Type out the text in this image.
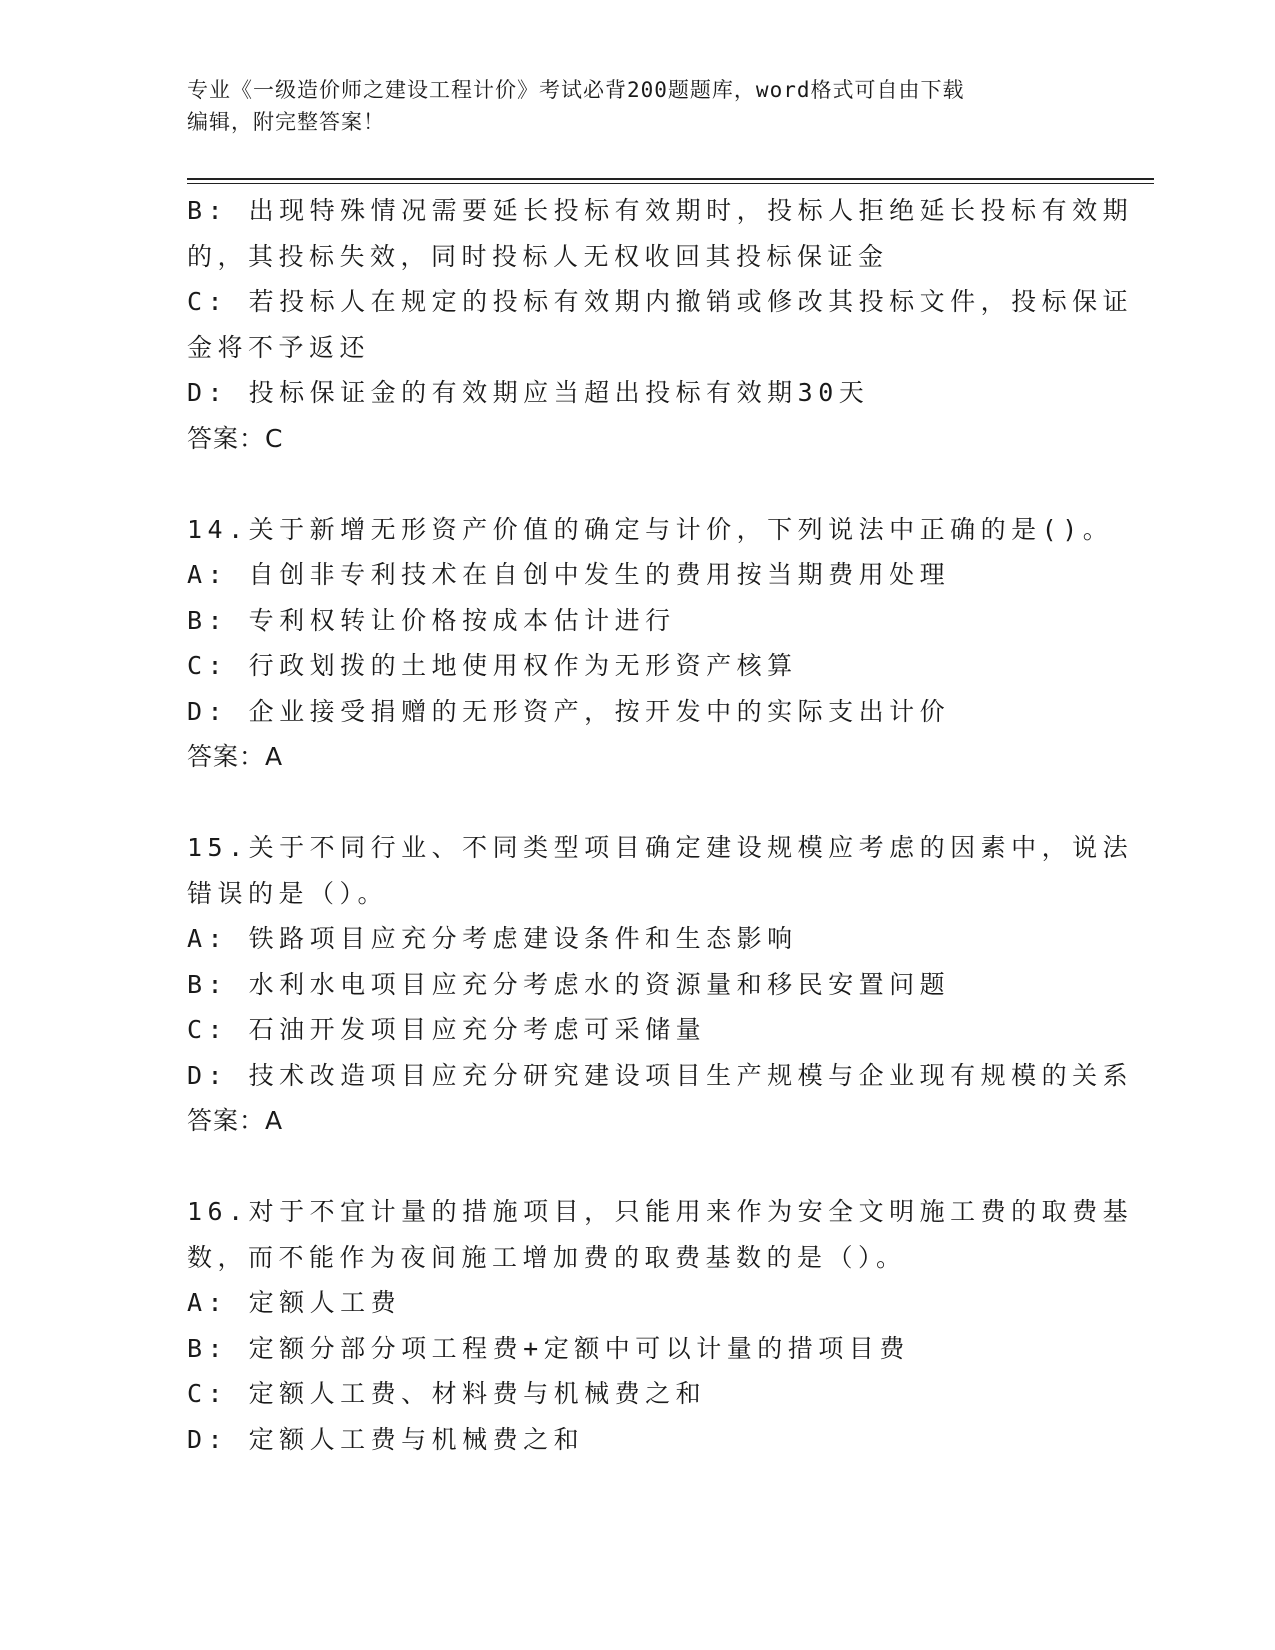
专业《一级造价师之建设工程计价》考试必背200题题库，word格式可自由下载
编辑，附完整答案！

B: 出现特殊情况需要延长投标有效期时，投标人拒绝延长投标有效期

的，其投标失效，同时投标人无权收回其投标保证金

C: 若投标人在规定的投标有效期内撤销或修改其投标文件，投标保证

金将不予返还

D: 投标保证金的有效期应当超出投标有效期30天

答案：C

14.关于新增无形资产价值的确定与计价，下列说法中正确的是()。

A: 自创非专利技术在自创中发生的费用按当期费用处理

B: 专利权转让价格按成本估计进行

C: 行政划拨的土地使用权作为无形资产核算

D: 企业接受捐赠的无形资产，按开发中的实际支出计价

答案：A

15.关于不同行业、不同类型项目确定建设规模应考虑的因素中，说法

错误的是（）。

A: 铁路项目应充分考虑建设条件和生态影响

B: 水利水电项目应充分考虑水的资源量和移民安置问题

C: 石油开发项目应充分考虑可采储量

D: 技术改造项目应充分研究建设项目生产规模与企业现有规模的关系

答案：A

16.对于不宜计量的措施项目，只能用来作为安全文明施工费的取费基

数，而不能作为夜间施工增加费的取费基数的是（）。

A: 定额人工费

B: 定额分部分项工程费+定额中可以计量的措项目费

C: 定额人工费、材料费与机械费之和

D: 定额人工费与机械费之和
